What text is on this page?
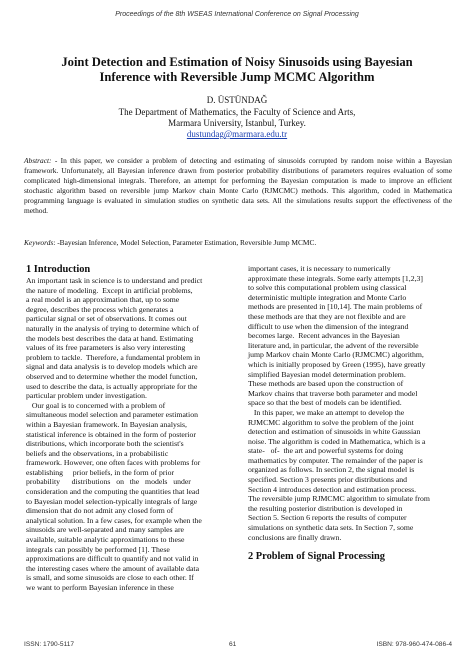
Proceedings of the 8th WSEAS International Conference on Signal Processing
Joint Detection and Estimation of Noisy Sinusoids using Bayesian Inference with Reversible Jump MCMC Algorithm
D. ÜSTÜNDAĞ
The Department of Mathematics, the Faculty of Science and Arts,
Marmara University, Istanbul, Turkey.
dustundag@marmara.edu.tr

Abstract: - In this paper, we consider a problem of detecting and estimating of sinusoids corrupted by random noise within a Bayesian framework. Unfortunately, all Bayesian inference drawn from posterior probability distributions of parameters requires evaluation of some complicated high-dimensional integrals. Therefore, an attempt for performing the Bayesian computation is made to improve an efficient stochastic algorithm based on reversible jump Markov chain Monte Carlo (RJMCMC) methods. This algorithm, coded in Mathematica programming language is evaluated in simulation studies on synthetic data sets. All the simulations results support the effectiveness of the method.

Keywords: -Bayesian Inference, Model Selection, Parameter Estimation, Reversible Jump MCMC.

1 Introduction
An important task in science is to understand and predict
the nature of modeling.  Except in artificial problems,
a real model is an approximation that, up to some
degree, describes the process which generates a
particular signal or set of observations. It comes out
naturally in the analysis of trying to determine which of
the models best describes the data at hand. Estimating
values of its free parameters is also very interesting
problem to tackle.  Therefore, a fundamental problem in
signal and data analysis is to develop models which are
observed and to determine whether the model function,
used to describe the data, is actually appropriate for the
particular problem under investigation.
Our goal is to concerned with a problem of
simultaneous model selection and parameter estimation
within a Bayesian framework. In Bayesian analysis,
statistical inference is obtained in the form of posterior
distributions, which incorporate both the scientist's
beliefs and the observations, in a probabilistic
framework. However, one often faces with problems for
establishing     prior beliefs, in the form of prior
probability      distributions   on   the   models   under
consideration and the computing the quantities that lead
to Bayesian model selection-typically integrals of large
dimension that do not admit any closed form of
analytical solution. In a few cases, for example when the
sinusoids are well-separated and many samples are
available, suitable analytic approximations to these
integrals can possibly be performed [1]. These
approximations are difficult to quantify and not valid in
the interesting cases where the amount of available data
is small, and some sinusoids are close to each other. If
we want to perform Bayesian inference in these
important cases, it is necessary to numerically
approximate these integrals. Some early attempts [1,2,3]
to solve this computational problem using classical
deterministic multiple integration and Monte Carlo
methods are presented in [10,14]. The main problems of
these methods are that they are not flexible and are
difficult to use when the dimension of the integrand
becomes large.  Recent advances in the Bayesian
literature and, in particular, the advent of the reversible
jump Markov chain Monte Carlo (RJMCMC) algorithm,
which is initially proposed by Green (1995), have greatly
simplified Bayesian model determination problem.
These methods are based upon the construction of
Markov chains that traverse both parameter and model
space so that the best of models can be identified.
In this paper, we make an attempt to develop the
RJMCMC algorithm to solve the problem of the joint
detection and estimation of sinusoids in white Gaussian
noise. The algorithm is coded in Mathematica, which is a
state-   of-  the art and powerful systems for doing
mathematics by computer. The remainder of the paper is
organized as follows. In section 2, the signal model is
specified. Section 3 presents prior distributions and
Section 4 introduces detection and estimation process.
The reversible jump RJMCMC algorithm to simulate from
the resulting posterior distribution is developed in
Section 5. Section 6 reports the results of computer
simulations on synthetic data sets. In Section 7, some
conclusions are finally drawn.
2 Problem of Signal Processing
ISSN: 1790-5117	61	ISBN: 978-960-474-086-4
